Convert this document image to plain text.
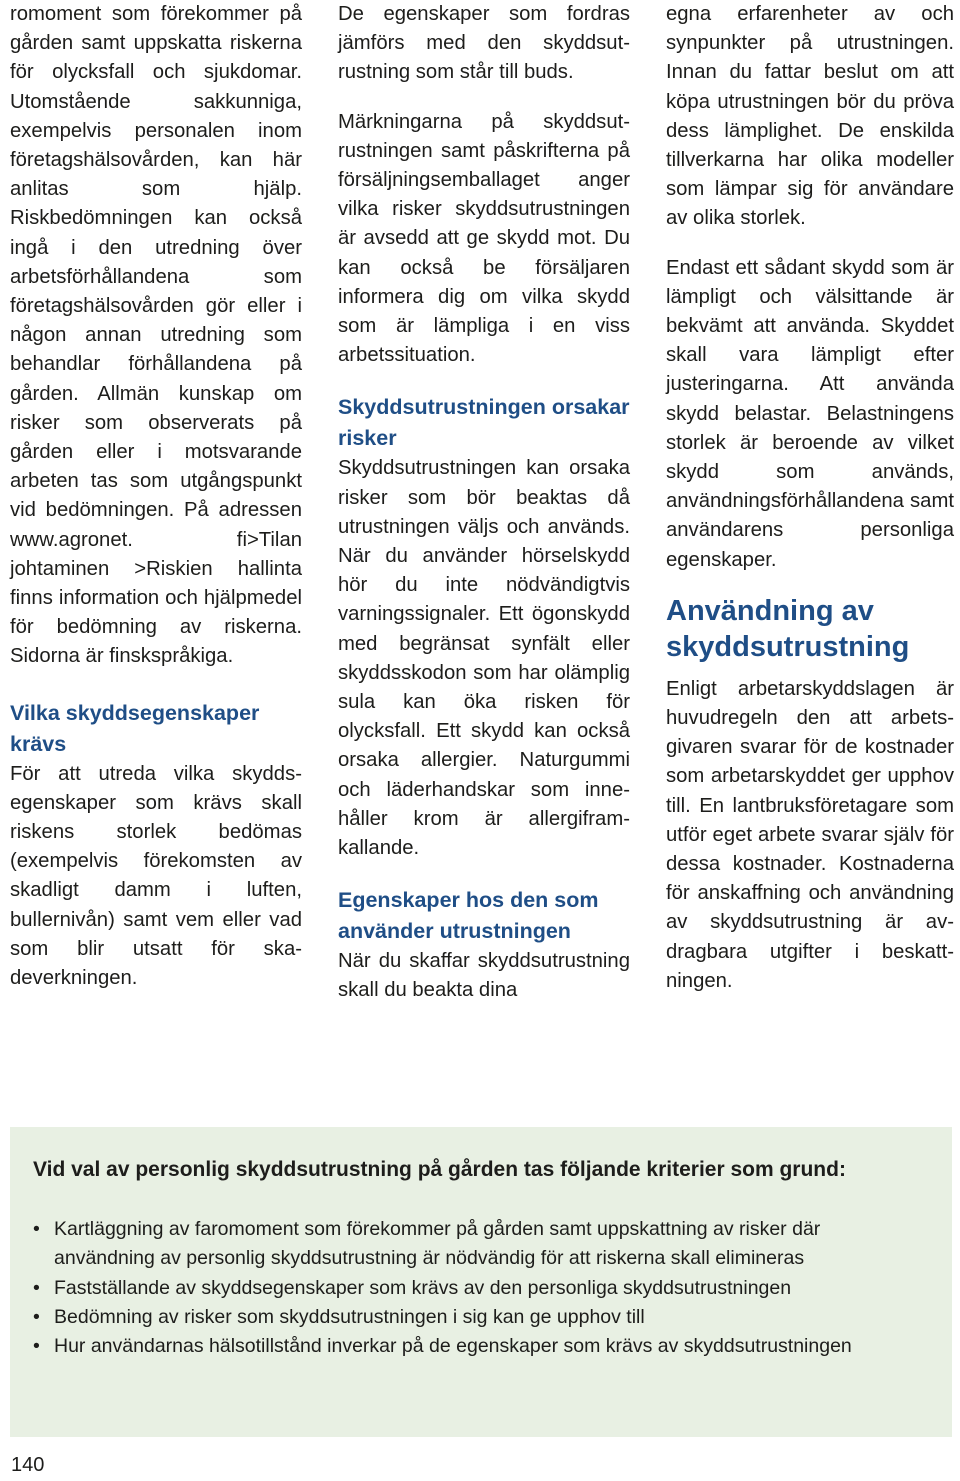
romoment som förekommer på gården samt uppskatta riskerna för olycksfall och sjukdomar. Utomstående sakkunniga, exempelvis personalen inom företagshälsovården, kan här anlitas som hjälp. Riskbedömningen kan också ingå i den utredning över arbetsförhållandena som företagshälsovården gör eller i någon annan utredning som behandlar förhållandena på gården. Allmän kunskap om risker som observerats på gården eller i motsvarande arbeten tas som utgångspunkt vid bedömningen. På adressen www.agronet. fi>Tilan johtaminen >Riskien hallinta finns information och hjälpmedel för bedömning av riskerna. Sidorna är finskspråkiga.

Vilka skyddsegenskaper krävs

För att utreda vilka skyddsegenskaper som krävs skall riskens storlek bedömas (exempelvis förekomsten av skadligt damm i luften, bullernivån) samt vem eller vad som blir utsatt för skadeverkningen.

De egenskaper som fordras jämförs med den skyddsutrustning som står till buds.

Märkningarna på skyddsutrustningen samt påskrifterna på försäljningsemballaget anger vilka risker skyddsutrustningen är avsedd att ge skydd mot. Du kan också be försäljaren informera dig om vilka skydd som är lämpliga i en viss arbetssituation.

Skyddsutrustningen orsakar risker

Skyddsutrustningen kan orsaka risker som bör beaktas då utrustningen väljs och används. När du använder hörselskydd hör du inte nödvändigtvis varningssignaler. Ett ögonskydd med begränsat synfält eller skyddsskodon som har olämplig sula kan öka risken för olycksfall. Ett skydd kan också orsaka allergier. Naturgummi och läderhandskar som innehåller krom är allergiframkallande.

Egenskaper hos den som använder utrustningen

När du skaffar skyddsutrustning skall du beakta dina

egna erfarenheter av och synpunkter på utrustningen. Innan du fattar beslut om att köpa utrustningen bör du pröva dess lämplighet. De enskilda tillverkarna har olika modeller som lämpar sig för användare av olika storlek.

Endast ett sådant skydd som är lämpligt och välsittande är bekvämt att använda. Skyddet skall vara lämpligt efter justeringarna. Att använda skydd belastar. Belastningens storlek är beroende av vilket skydd som används, användningsförhållandena samt användarens personliga egenskaper.

Användning av skyddsutrustning

Enligt arbetarskyddslagen är huvudregeln den att arbetsgivaren svarar för de kostnader som arbetarskyddet ger upphov till. En lantbruksföretagare som utför eget arbete svarar själv för dessa kostnader. Kostnaderna för anskaffning och användning av skyddsutrustning är avdragbara utgifter i beskattningen.

Vid val av personlig skyddsutrustning på gården tas följande kriterier som grund:
• Kartläggning av faromoment som förekommer på gården samt uppskattning av risker där användning av personlig skyddsutrustning är nödvändig för att riskerna skall elimineras
• Fastställande av skyddsegenskaper som krävs av den personliga skyddsutrustningen
• Bedömning av risker som skyddsutrustningen i sig kan ge upphov till
• Hur användarnas hälsotillstånd inverkar på de egenskaper som krävs av skyddsutrustningen
140
